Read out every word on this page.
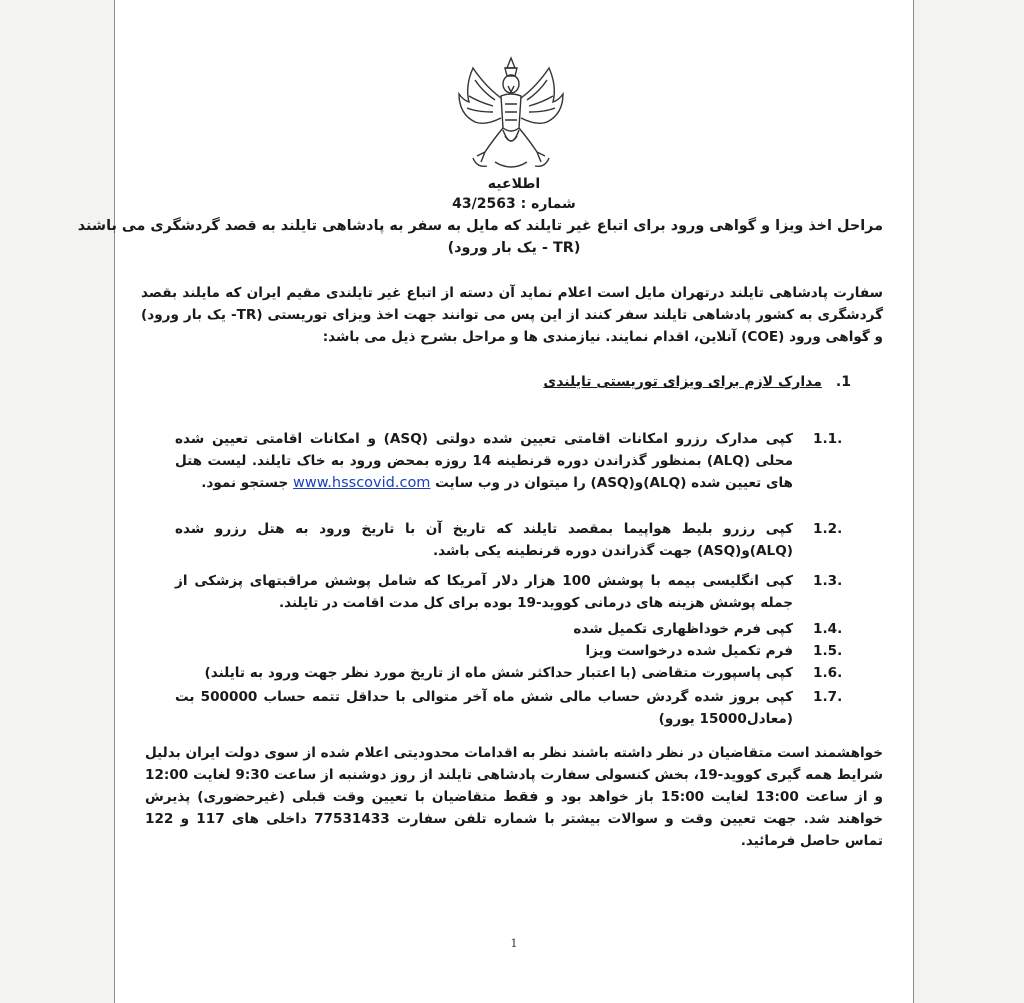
اطلاعیه
شماره : 43/2563
مراحل اخذ ویزا و گواهی ورود برای اتباع غیر تایلند که مایل به سفر به پادشاهی تایلند به قصد گردشگری می باشند
(TR - یک بار ورود)
سفارت پادشاهی تایلند درتهران مایل است اعلام نماید آن دسته از اتباع غیر تایلندی مقیم ایران که مایلند بقصد گردشگری به کشور پادشاهی تایلند سفر کنند از این پس می توانند جهت اخذ ویزای توریستی (TR- یک بار ورود) و گواهی ورود (COE) آنلاین، اقدام نمایند. نیازمندی ها و مراحل بشرح ذیل می باشد:
1.مدارک لازم برای ویزای توریستی تایلندی
1.1.
کپی مدارک رزرو امکانات اقامتی تعیین شده دولتی (ASQ) و امکانات اقامتی تعیین شده محلی (ALQ) بمنظور گذراندن دوره قرنطینه 14 روزه بمحض ورود به خاک تایلند. لیست هتل های تعیین شده (ALQ)و(ASQ) را میتوان در وب سایت www.hsscovid.com جستجو نمود.
1.2.
کپی رزرو بلیط هواپیما بمقصد تایلند که تاریخ آن با تاریخ ورود به هتل رزرو شده (ALQ)و(ASQ) جهت گذراندن دوره قرنطینه یکی باشد.
1.3.
کپی انگلیسی بیمه با پوشش 100 هزار دلار آمریکا که شامل پوشش مراقبتهای پزشکی از جمله پوشش هزینه های درمانی کووید-19 بوده برای کل مدت اقامت در تایلند.
1.4.
کپی فرم خوداظهاری تکمیل شده
1.5.
فرم تکمیل شده درخواست ویزا
1.6.
کپی پاسپورت متقاضی (با اعتبار حداکثر شش ماه از تاریخ مورد نظر جهت ورود به تایلند)
1.7.
کپی بروز شده گردش حساب مالی شش ماه آخر متوالی با حداقل تتمه حساب 500000 بت (معادل15000 یورو)
خواهشمند است متقاضیان در نظر داشته باشند نظر به اقدامات محدودیتی اعلام شده از سوی دولت ایران بدلیل شرایط همه گیری کووید-19، بخش کنسولی سفارت پادشاهی تایلند از روز دوشنبه از ساعت 9:30 لغایت 12:00 و از ساعت 13:00 لغایت 15:00 باز خواهد بود و فقط متقاضیان با تعیین وقت قبلی (غیرحضوری) پذیرش خواهند شد. جهت تعیین وقت و سوالات بیشتر با شماره تلفن سفارت 77531433 داخلی های 117 و 122 تماس حاصل فرمائید.
1
